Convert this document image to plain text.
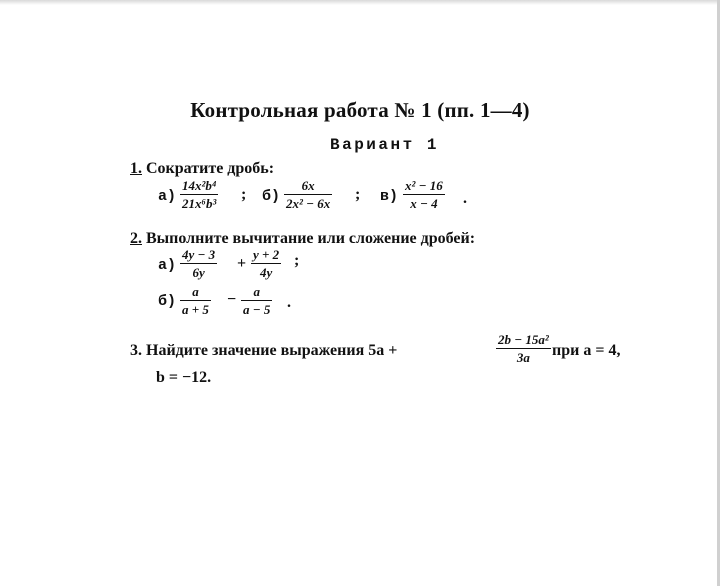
Контрольная работа № 1 (пп. 1—4)
Вариант 1
1. Сократите дробь:
а)
14x²b⁴
21x⁶b³
; б)
6x
2x² − 6x
; в)
x² − 16
x − 4 .
2. Выполните вычитание или сложение дробей:
а)
4y − 3
6y
+
y + 2
4y
;
б)
a
a + 5
− a
a − 5 .
3. Найдите значение выражения 5a +
2b − 15a²
3a при a = 4,
b = −12.
